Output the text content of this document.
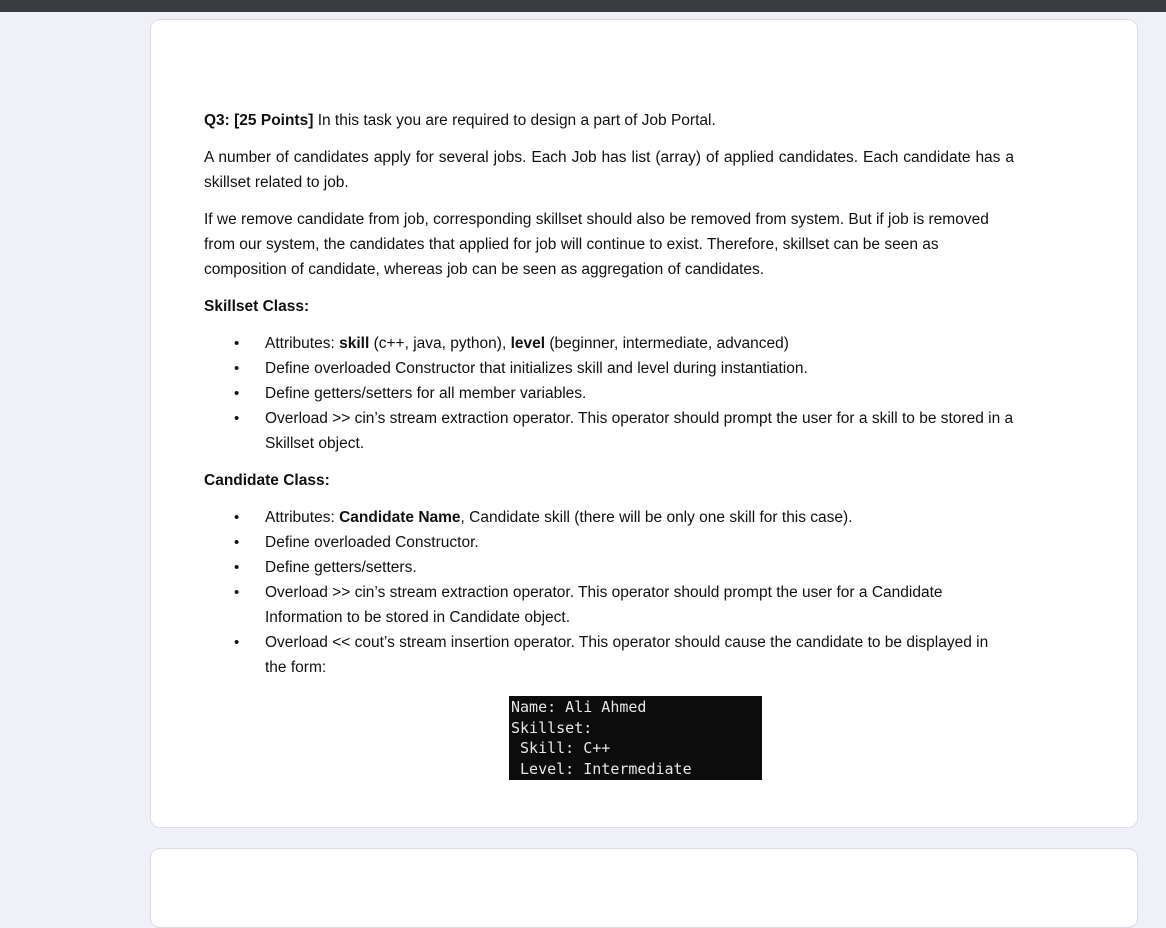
Q3: [25 Points] In this task you are required to design a part of Job Portal.

A number of candidates apply for several jobs. Each Job has list (array) of applied candidates. Each candidate has a skillset related to job.

If we remove candidate from job, corresponding skillset should also be removed from system. But if job is removed from our system, the candidates that applied for job will continue to exist. Therefore, skillset can be seen as composition of candidate, whereas job can be seen as aggregation of candidates.

Skillset Class:
• Attributes: skill (c++, java, python), level (beginner, intermediate, advanced)
• Define overloaded Constructor that initializes skill and level during instantiation.
• Define getters/setters for all member variables.
• Overload >> cin’s stream extraction operator. This operator should prompt the user for a skill to be stored in a Skillset object.
Candidate Class:
• Attributes: Candidate Name, Candidate skill (there will be only one skill for this case).
• Define overloaded Constructor.
• Define getters/setters.
• Overload >> cin’s stream extraction operator. This operator should prompt the user for a Candidate Information to be stored in Candidate object.
• Overload << cout’s stream insertion operator. This operator should cause the candidate to be displayed in the form:
Name: Ali Ahmed
Skillset:
Skill: C++
Level: Intermediate
